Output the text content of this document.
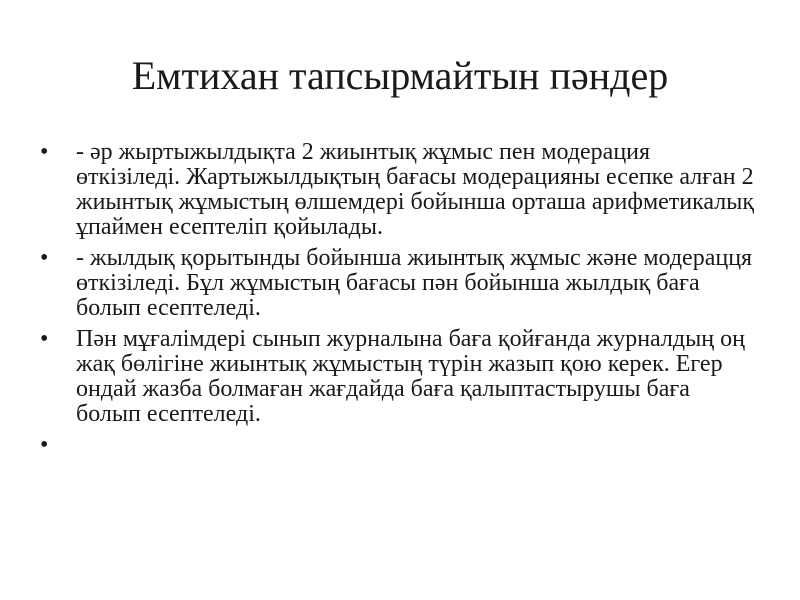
Емтихан тапсырмайтын пәндер
•	- әр жыртыжылдықта 2 жиынтық жұмыс пен модерация өткізіледі. Жартыжылдықтың бағасы модерацияны есепке алған 2 жиынтық жұмыстың өлшемдері бойынша орташа арифметикалық ұпаймен есептеліп қойылады.
•	- жылдық қорытынды бойынша жиынтық жұмыс және модерацця өткізіледі. Бұл жұмыстың бағасы пән бойынша жылдық баға болып есептеледі.
•	Пән мұғалімдері сынып журналына баға қойғанда журналдың оң жақ бөлігіне жиынтық жұмыстың түрін жазып қою керек. Егер ондай жазба болмаған жағдайда баға қалыптастырушы баға болып есептеледі.
•
